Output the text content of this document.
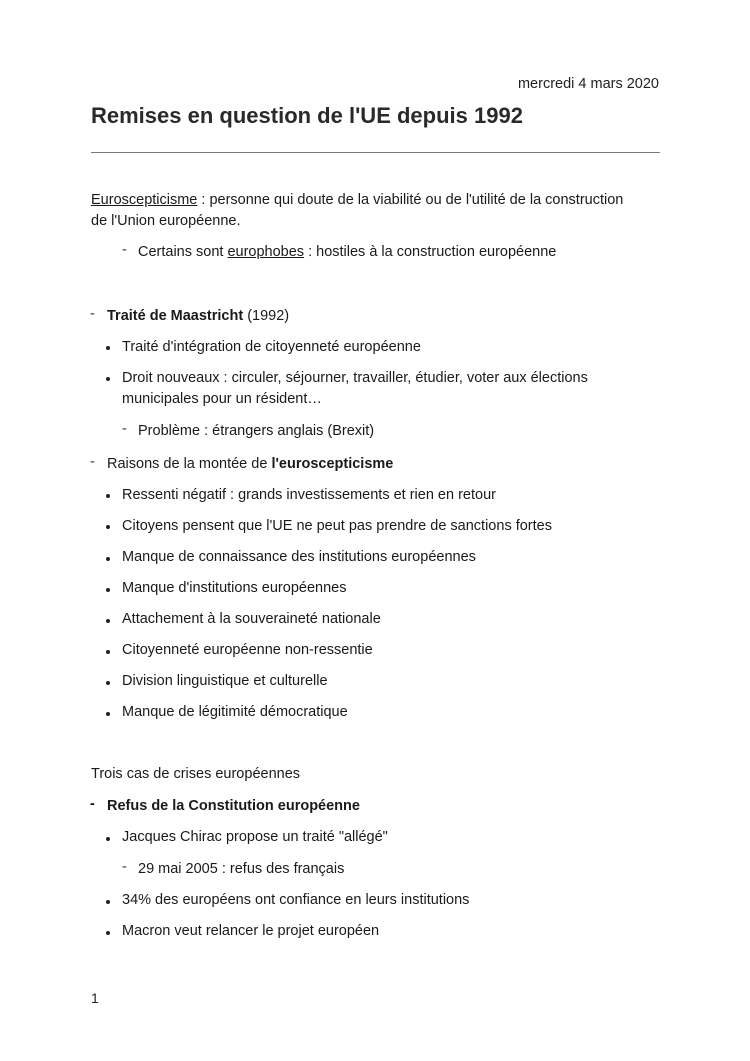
mercredi 4 mars 2020
Remises en question de l'UE depuis 1992
Euroscepticisme : personne qui doute de la viabilité ou de l'utilité de la construction
de l'Union européenne.
- Certains sont europhobes : hostiles à la construction européenne
- Traité de Maastricht (1992)
Traité d'intégration de citoyenneté européenne
Droit nouveaux : circuler, séjourner, travailler, étudier, voter aux élections
municipales pour un résident…
- Problème : étrangers anglais (Brexit)
- Raisons de la montée de l'euroscepticisme
Ressenti négatif : grands investissements et rien en retour
Citoyens pensent que l'UE ne peut pas prendre de sanctions fortes
Manque de connaissance des institutions européennes
Manque d'institutions européennes
Attachement à la souveraineté nationale
Citoyenneté européenne non-ressentie
Division linguistique et culturelle
Manque de légitimité démocratique
Trois cas de crises européennes
- Refus de la Constitution européenne
Jacques Chirac propose un traité "allégé"
- 29 mai 2005 : refus des français
34% des européens ont confiance en leurs institutions
Macron veut relancer le projet européen
1
